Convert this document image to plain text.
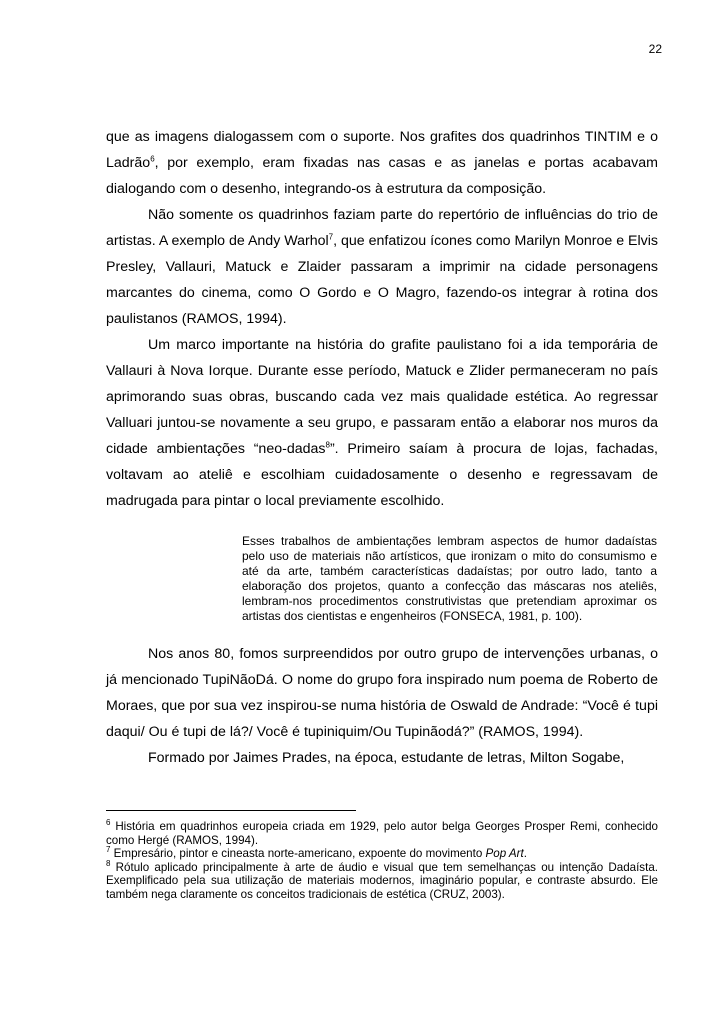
22

que as imagens dialogassem com o suporte. Nos grafites dos quadrinhos TINTIM e o Ladrão$^6$, por exemplo, eram fixadas nas casas e as janelas e portas acabavam dialogando com o desenho, integrando-os à estrutura da composição.

Não somente os quadrinhos faziam parte do repertório de influências do trio de artistas. A exemplo de Andy Warhol$^7$, que enfatizou ícones como Marilyn Monroe e Elvis Presley, Vallauri, Matuck e Zlaider passaram a imprimir na cidade personagens marcantes do cinema, como O Gordo e O Magro, fazendo-os integrar à rotina dos paulistanos (RAMOS, 1994).

Um marco importante na história do grafite paulistano foi a ida temporária de Vallauri à Nova Iorque. Durante esse período, Matuck e Zlider permaneceram no país aprimorando suas obras, buscando cada vez mais qualidade estética. Ao regressar Valluari juntou-se novamente a seu grupo, e passaram então a elaborar nos muros da cidade ambientações “neo-dadas$^8$”. Primeiro saíam à procura de lojas, fachadas, voltavam ao ateliê e escolhiam cuidadosamente o desenho e regressavam de madrugada para pintar o local previamente escolhido.

Esses trabalhos de ambientações lembram aspectos de humor dadaístas pelo uso de materiais não artísticos, que ironizam o mito do consumismo e até da arte, também características dadaístas; por outro lado, tanto a elaboração dos projetos, quanto a confecção das máscaras nos ateliês, lembram-nos procedimentos construtivistas que pretendiam aproximar os artistas dos cientistas e engenheiros (FONSECA, 1981, p. 100).

Nos anos 80, fomos surpreendidos por outro grupo de intervenções urbanas, o já mencionado TupiNãoDá. O nome do grupo fora inspirado num poema de Roberto de Moraes, que por sua vez inspirou-se numa história de Oswald de Andrade: “Você é tupi daqui/ Ou é tupi de lá?/ Você é tupiniquim/Ou Tupinãodá?” (RAMOS, 1994).

Formado por Jaimes Prades, na época, estudante de letras, Milton Sogabe,

$^6$ História em quadrinhos europeia criada em 1929, pelo autor belga Georges Prosper Remi, conhecido como Hergé (RAMOS, 1994).

$^7$ Empresário, pintor e cineasta norte-americano, expoente do movimento Pop Art.

$^8$ Rótulo aplicado principalmente à arte de áudio e visual que tem semelhanças ou intenção Dadaísta. Exemplificado pela sua utilização de materiais modernos, imaginário popular, e contraste absurdo. Ele também nega claramente os conceitos tradicionais de estética (CRUZ, 2003).
